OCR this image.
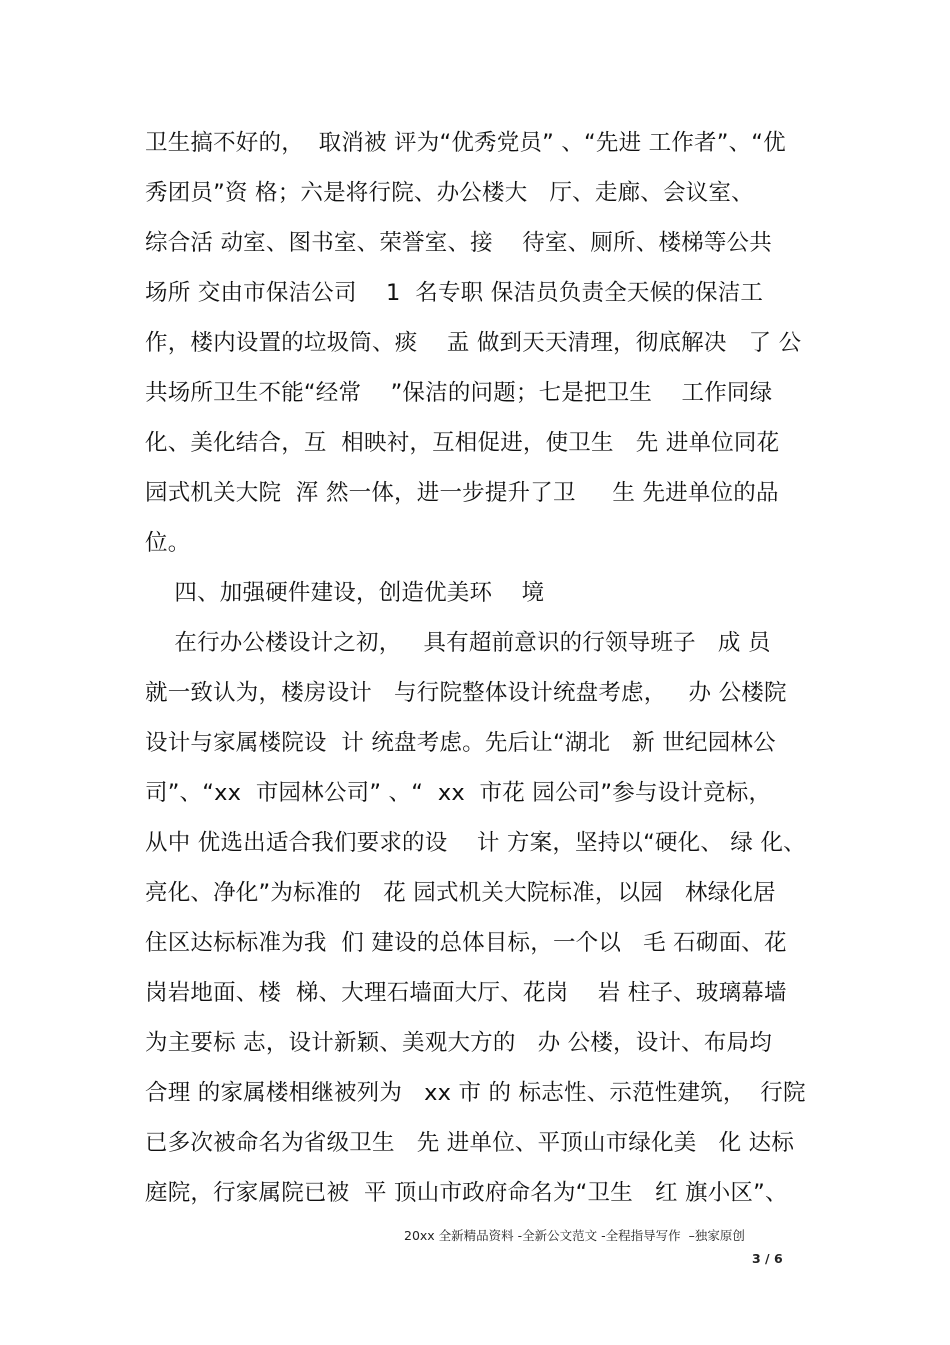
卫生搞不好的，  取消被 评为“优秀党员” 、“先进 工作者”、“优
秀团员”资 格；六是将行院、办公楼大   厅、走廊、会议室、
综合活 动室、图书室、荣誉室、接    待室、厕所、楼梯等公共
场所 交由市保洁公司    1  名专职 保洁员负责全天候的保洁工
作，楼内设置的垃圾筒、痰    盂 做到天天清理，彻底解决   了 公
共场所卫生不能“经常    ”保洁的问题；七是把卫生    工作同绿
化、美化结合，互  相映衬，互相促进，使卫生   先 进单位同花
园式机关大院  浑 然一体，进一步提升了卫     生 先进单位的品
位。
四、加强硬件建设，创造优美环    境
在行办公楼设计之初，   具有超前意识的行领导班子   成 员
就一致认为，楼房设计   与行院整体设计统盘考虑，   办 公楼院
设计与家属楼院设  计 统盘考虑。先后让“湖北   新 世纪园林公
司”、“xx  市园林公司” 、“  xx  市花 园公司”参与设计竞标，
从中 优选出适合我们要求的设    计 方案，坚持以“硬化、 绿 化、
亮化、净化”为标准的   花 园式机关大院标准，以园   林绿化居
住区达标标准为我  们 建设的总体目标，一个以   毛 石砌面、花
岗岩地面、楼  梯、大理石墙面大厅、花岗    岩 柱子、玻璃幕墙
为主要标 志，设计新颖、美观大方的   办 公楼，设计、布局均
合理 的家属楼相继被列为   xx 市 的 标志性、示范性建筑，  行院
已多次被命名为省级卫生   先 进单位、平顶山市绿化美   化 达标
庭院，行家属院已被  平 顶山市政府命名为“卫生   红 旗小区”、
20xx 全新精品资料 -全新公文范文 -全程指导写作  –独家原创
3 / 6
